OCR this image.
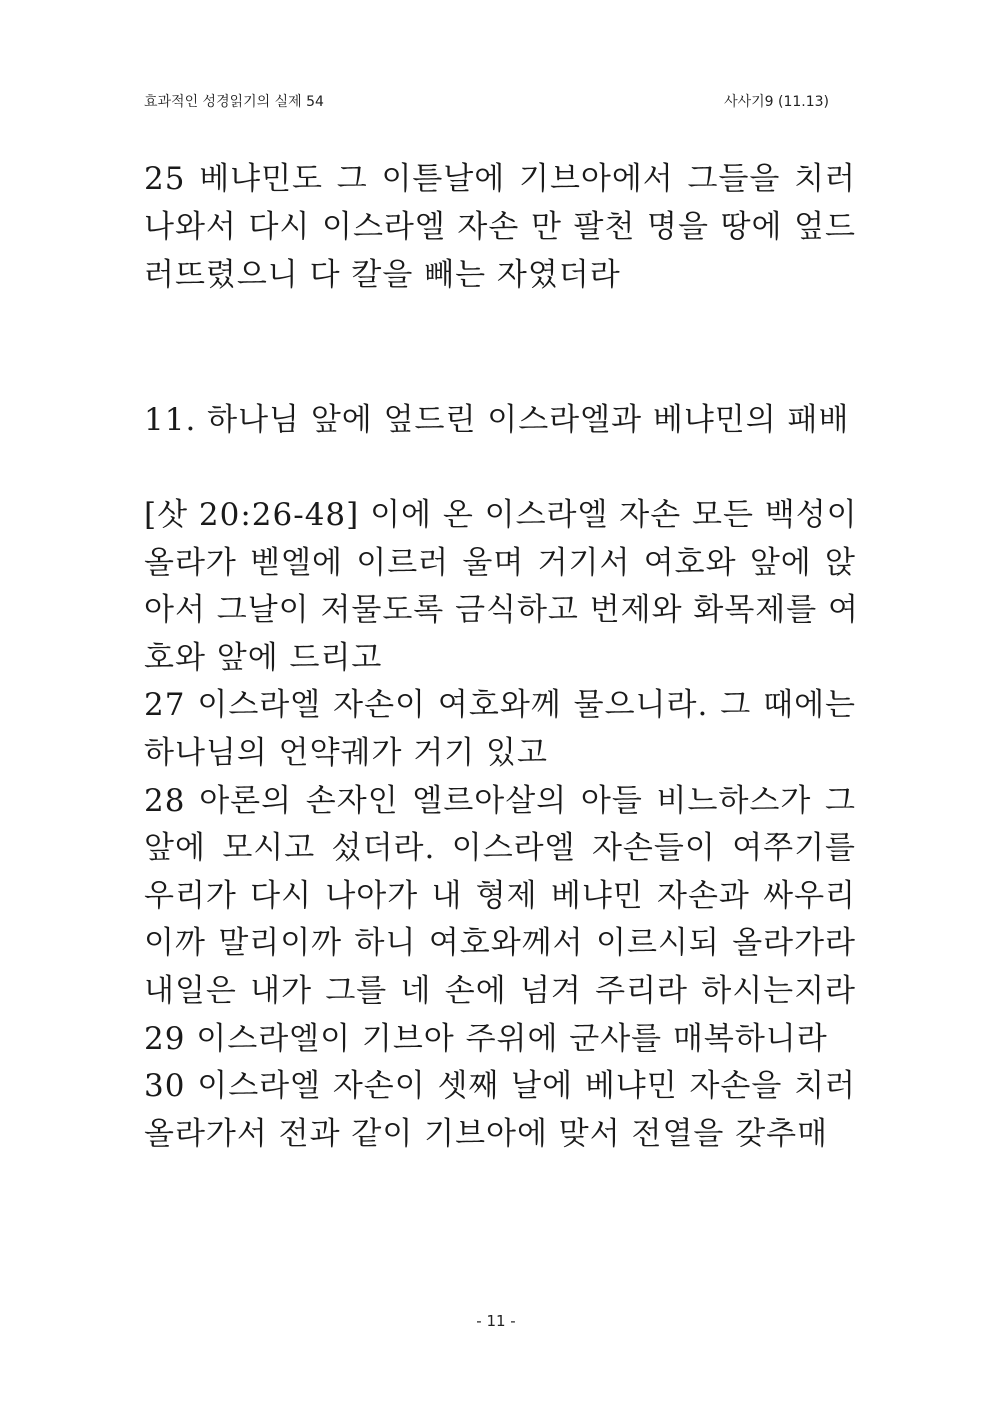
효과적인 성경읽기의 실제 54	사사기9 (11.13)
25 베냐민도 그 이튿날에 기브아에서 그들을 치러
나와서 다시 이스라엘 자손 만 팔천 명을 땅에 엎드
러뜨렸으니 다 칼을 빼는 자였더라
11. 하나님 앞에 엎드린 이스라엘과 베냐민의 패배
[삿 20:26-48] 이에 온 이스라엘 자손 모든 백성이
올라가 벧엘에 이르러 울며 거기서 여호와 앞에 앉
아서 그날이 저물도록 금식하고 번제와 화목제를 여
호와 앞에 드리고
27 이스라엘 자손이 여호와께 물으니라. 그 때에는
하나님의 언약궤가 거기 있고
28 아론의 손자인 엘르아살의 아들 비느하스가 그
앞에 모시고 섰더라. 이스라엘 자손들이 여쭈기를
우리가 다시 나아가 내 형제 베냐민 자손과 싸우리
이까 말리이까 하니 여호와께서 이르시되 올라가라
내일은 내가 그를 네 손에 넘겨 주리라 하시는지라
29 이스라엘이 기브아 주위에 군사를 매복하니라
30 이스라엘 자손이 셋째 날에 베냐민 자손을 치러
올라가서 전과 같이 기브아에 맞서 전열을 갖추매
- 11 -
